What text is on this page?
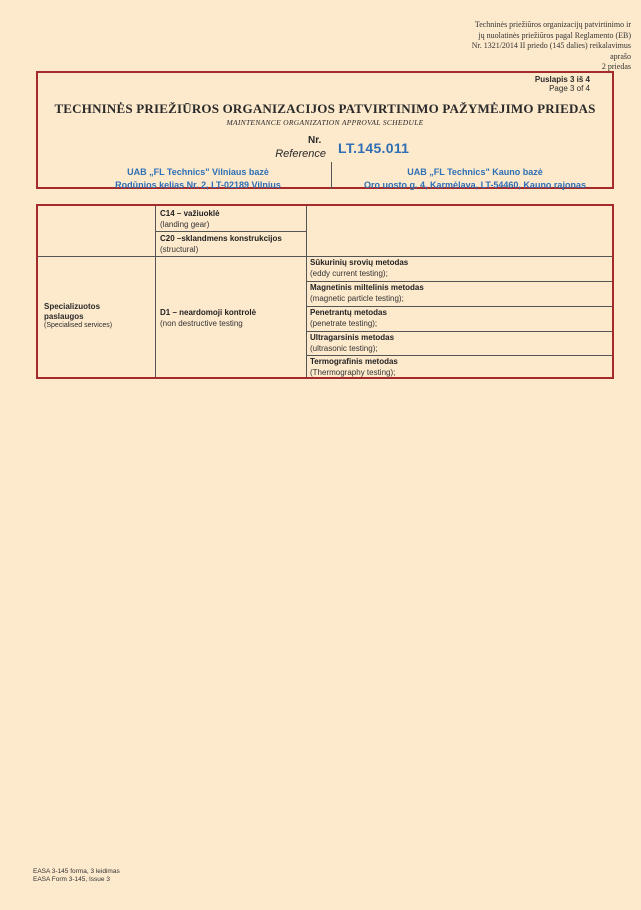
Techninės priežiūros organizacijų patvirtinimo ir
jų nuolatinės priežiūros pagal Reglamento (EB)
Nr. 1321/2014 II priedo (145 dalies) reikalavimus
aprašo
2 priedas
Puslapis 3 iš 4
Page 3 of 4
TECHNINĖS PRIEŽIŪROS ORGANIZACIJOS PATVIRTINIMO PAŽYMĖJIMO PRIEDAS
MAINTENANCE ORGANIZATION APPROVAL SCHEDULE
Nr.
Reference LT.145.011
UAB „FL Technics" Vilniaus bazė
Rodūnios kelias Nr. 2, LT-02189 Vilnius
UAB „FL Technics" Kauno bazė
Oro uosto g. 4, Karmėlava, LT-54460, Kauno rajonas
C14 – važiuoklė
(landing gear)
C20 –sklandmens konstrukcijos
(structural)
Specializuotos
paslaugos
(Specialised services)
D1 – neardomoji kontrolė
(non destructive testing
Sūkurinių srovių metodas
(eddy current testing);
Magnetinis miltelinis metodas
(magnetic particle testing);
Penetrantų metodas
(penetrate testing);
Ultragarsinis metodas
(ultrasonic testing);
Termografinis metodas
(Thermography testing);
EASA 3-145 forma, 3 leidimas
EASA Form 3-145, Issue 3
